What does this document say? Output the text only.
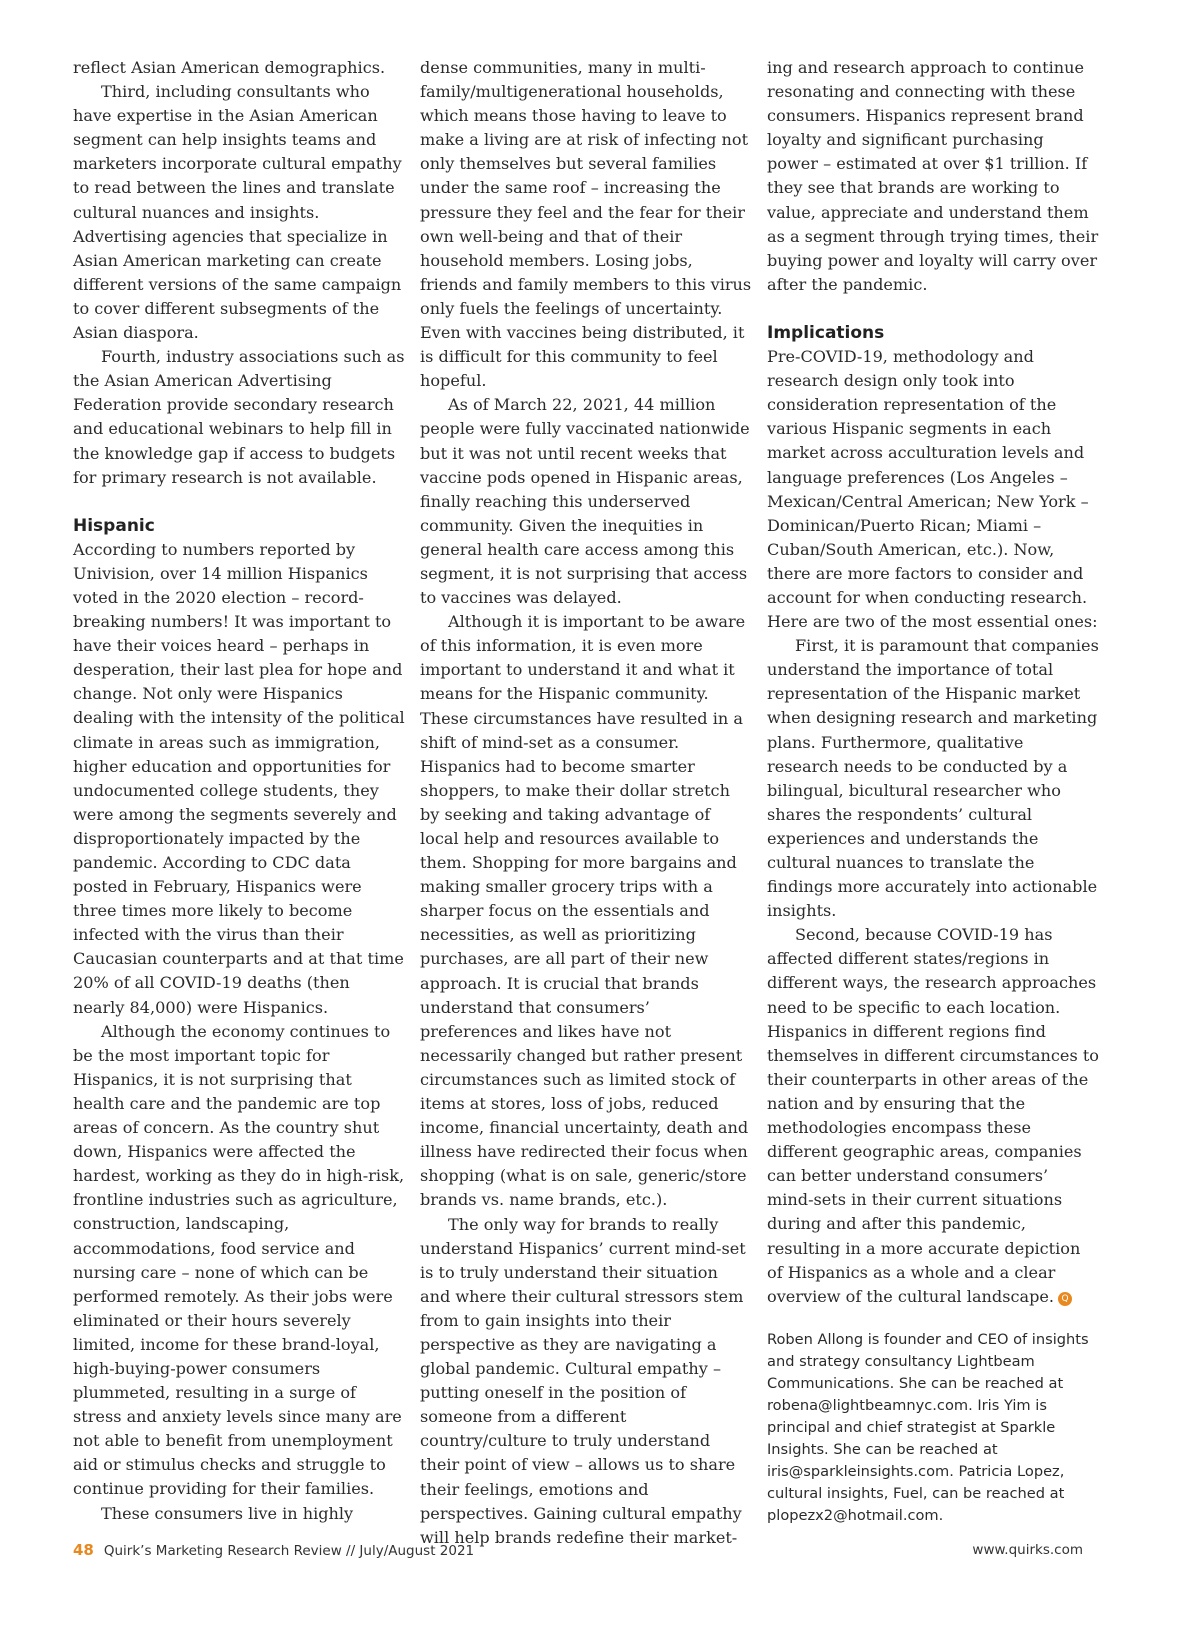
reflect Asian American demographics.

Third, including consultants who have expertise in the Asian American segment can help insights teams and marketers incorporate cultural empathy to read between the lines and translate cultural nuances and insights. Advertising agencies that specialize in Asian American marketing can create different versions of the same campaign to cover different subsegments of the Asian diaspora.

Fourth, industry associations such as the Asian American Advertising Federation provide secondary research and educational webinars to help fill in the knowledge gap if access to budgets for primary research is not available.

Hispanic

According to numbers reported by Univision, over 14 million Hispanics voted in the 2020 election – record-breaking numbers! It was important to have their voices heard – perhaps in desperation, their last plea for hope and change. Not only were Hispanics dealing with the intensity of the political climate in areas such as immigration, higher education and opportunities for undocumented college students, they were among the segments severely and disproportionately impacted by the pandemic. According to CDC data posted in February, Hispanics were three times more likely to become infected with the virus than their Caucasian counterparts and at that time 20% of all COVID-19 deaths (then nearly 84,000) were Hispanics.

Although the economy continues to be the most important topic for Hispanics, it is not surprising that health care and the pandemic are top areas of concern. As the country shut down, Hispanics were affected the hardest, working as they do in high-risk, frontline industries such as agriculture, construction, landscaping, accommodations, food service and nursing care – none of which can be performed remotely. As their jobs were eliminated or their hours severely limited, income for these brand-loyal, high-buying-power consumers plummeted, resulting in a surge of stress and anxiety levels since many are not able to benefit from unemployment aid or stimulus checks and struggle to continue providing for their families.

These consumers live in highly

dense communities, many in multi-family/multigenerational households, which means those having to leave to make a living are at risk of infecting not only themselves but several families under the same roof – increasing the pressure they feel and the fear for their own well-being and that of their household members. Losing jobs, friends and family members to this virus only fuels the feelings of uncertainty. Even with vaccines being distributed, it is difficult for this community to feel hopeful.

As of March 22, 2021, 44 million people were fully vaccinated nationwide but it was not until recent weeks that vaccine pods opened in Hispanic areas, finally reaching this underserved community. Given the inequities in general health care access among this segment, it is not surprising that access to vaccines was delayed.

Although it is important to be aware of this information, it is even more important to understand it and what it means for the Hispanic community. These circumstances have resulted in a shift of mind-set as a consumer. Hispanics had to become smarter shoppers, to make their dollar stretch by seeking and taking advantage of local help and resources available to them. Shopping for more bargains and making smaller grocery trips with a sharper focus on the essentials and necessities, as well as prioritizing purchases, are all part of their new approach. It is crucial that brands understand that consumers’ preferences and likes have not necessarily changed but rather present circumstances such as limited stock of items at stores, loss of jobs, reduced income, financial uncertainty, death and illness have redirected their focus when shopping (what is on sale, generic/store brands vs. name brands, etc.).

The only way for brands to really understand Hispanics’ current mind-set is to truly understand their situation and where their cultural stressors stem from to gain insights into their perspective as they are navigating a global pandemic. Cultural empathy – putting oneself in the position of someone from a different country/culture to truly understand their point of view – allows us to share their feelings, emotions and perspectives. Gaining cultural empathy will help brands redefine their market-

ing and research approach to continue resonating and connecting with these consumers. Hispanics represent brand loyalty and significant purchasing power – estimated at over $1 trillion. If they see that brands are working to value, appreciate and understand them as a segment through trying times, their buying power and loyalty will carry over after the pandemic.

Implications

Pre-COVID-19, methodology and research design only took into consideration representation of the various Hispanic segments in each market across acculturation levels and language preferences (Los Angeles – Mexican/Central American; New York – Dominican/Puerto Rican; Miami – Cuban/South American, etc.). Now, there are more factors to consider and account for when conducting research. Here are two of the most essential ones:

First, it is paramount that companies understand the importance of total representation of the Hispanic market when designing research and marketing plans. Furthermore, qualitative research needs to be conducted by a bilingual, bicultural researcher who shares the respondents’ cultural experiences and understands the cultural nuances to translate the findings more accurately into actionable insights.

Second, because COVID-19 has affected different states/regions in different ways, the research approaches need to be specific to each location. Hispanics in different regions find themselves in different circumstances to their counterparts in other areas of the nation and by ensuring that the methodologies encompass these different geographic areas, companies can better understand consumers’ mind-sets in their current situations during and after this pandemic, resulting in a more accurate depiction of Hispanics as a whole and a clear overview of the cultural landscape. Q

Roben Allong is founder and CEO of insights and strategy consultancy Lightbeam Communications. She can be reached at robena@lightbeamnyc.com. Iris Yim is principal and chief strategist at Sparkle Insights. She can be reached at iris@sparkleinsights.com. Patricia Lopez, cultural insights, Fuel, can be reached at plopezx2@hotmail.com.

48 Quirk’s Marketing Research Review // July/August 2021	www.quirks.com
